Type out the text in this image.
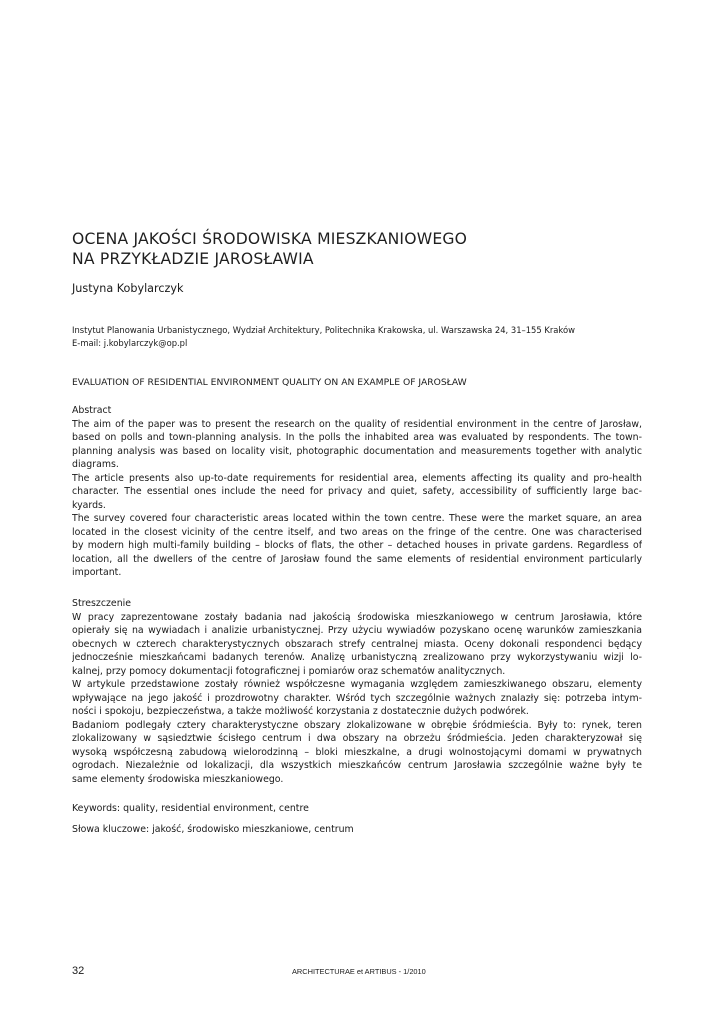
OCENA JAKOŚCI ŚRODOWISKA MIESZKANIOWEGO
NA PRZYKŁADZIE JAROSŁAWIA
Justyna Kobylarczyk
Instytut Planowania Urbanistycznego, Wydział Architektury, Politechnika Krakowska, ul. Warszawska 24, 31–155 Kraków
E-mail: j.kobylarczyk@op.pl
EVALUATION OF RESIDENTIAL ENVIRONMENT QUALITY ON AN EXAMPLE OF JAROSŁAW
Abstract
The aim of the paper was to present the research on the quality of residential environment in the centre of Jarosław,
based on polls and town-planning analysis. In the polls the inhabited area was evaluated by respondents. The town-
planning analysis was based on locality visit, photographic documentation and measurements together with analytic
diagrams.
The article presents also up-to-date requirements for residential area, elements affecting its quality and pro-health
character. The essential ones include the need for privacy and quiet, safety, accessibility of sufficiently large bac-
kyards.
The survey covered four characteristic areas located within the town centre. These were the market square, an area
located in the closest vicinity of the centre itself, and two areas on the fringe of the centre. One was characterised
by modern high multi-family building – blocks of flats, the other – detached houses in private gardens. Regardless of
location, all the dwellers of the centre of Jarosław found the same elements of residential environment particularly
important.
Streszczenie
W pracy zaprezentowane zostały badania nad jakością środowiska mieszkaniowego w centrum Jarosławia, które
opierały się na wywiadach i analizie urbanistycznej. Przy użyciu wywiadów pozyskano ocenę warunków zamieszkania
obecnych w czterech charakterystycznych obszarach strefy centralnej miasta. Oceny dokonali respondenci będący
jednocześnie mieszkańcami badanych terenów. Analizę urbanistyczną zrealizowano przy wykorzystywaniu wizji lo-
kalnej, przy pomocy dokumentacji fotograficznej i pomiarów oraz schematów analitycznych.
W artykule przedstawione zostały również współczesne wymagania względem zamieszkiwanego obszaru, elementy
wpływające na jego jakość i prozdrowotny charakter. Wśród tych szczególnie ważnych znalazły się: potrzeba intym-
ności i spokoju, bezpieczeństwa, a także możliwość korzystania z dostatecznie dużych podwórek.
Badaniom podlegały cztery charakterystyczne obszary zlokalizowane w obrębie śródmieścia. Były to: rynek, teren
zlokalizowany w sąsiedztwie ścisłego centrum i dwa obszary na obrzeżu śródmieścia. Jeden charakteryzował się
wysoką współczesną zabudową wielorodzinną – bloki mieszkalne, a drugi wolnostojącymi domami w prywatnych
ogrodach. Niezależnie od lokalizacji, dla wszystkich mieszkańców centrum Jarosławia szczególnie ważne były te
same elementy środowiska mieszkaniowego.
Keywords: quality, residential environment, centre
Słowa kluczowe: jakość, środowisko mieszkaniowe, centrum
32	ARCHITECTURAE et ARTIBUS - 1/2010
